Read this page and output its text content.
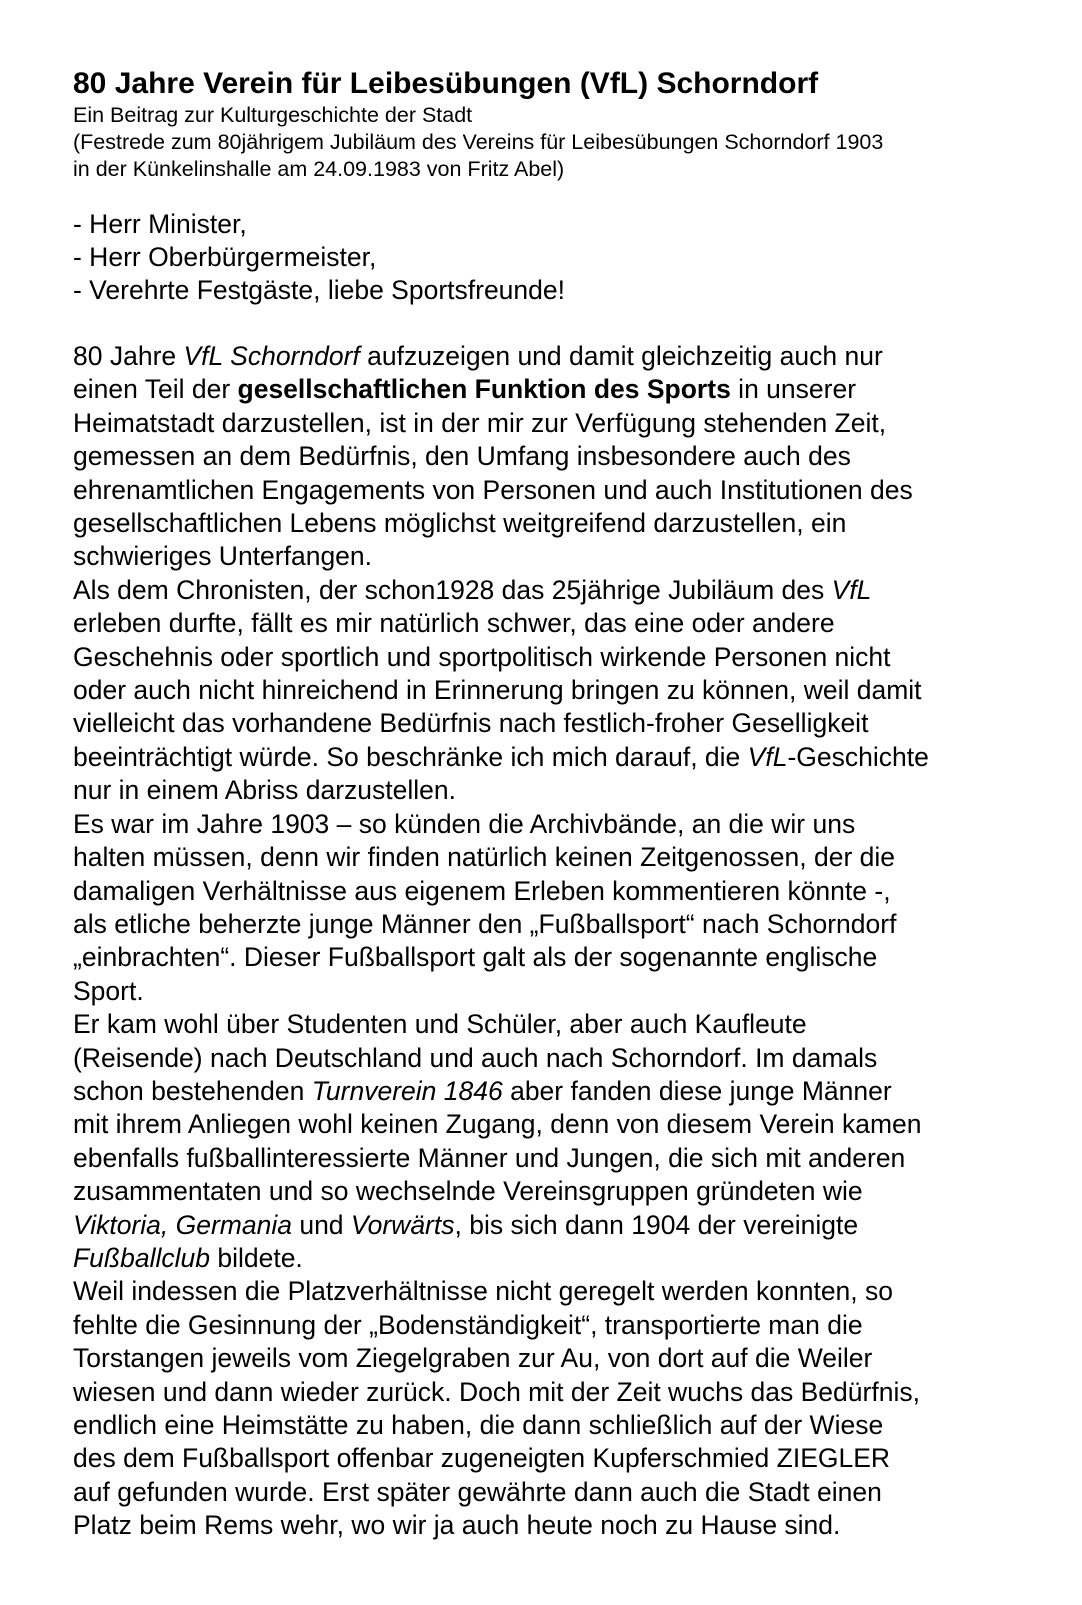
80 Jahre Verein für Leibesübungen (VfL) Schorndorf
Ein Beitrag zur Kulturgeschichte der Stadt
(Festrede zum 80jährigem Jubiläum des Vereins für Leibesübungen Schorndorf 1903
in der Künkelinshalle am 24.09.1983 von Fritz Abel)
- Herr Minister,
- Herr Oberbürgermeister,
- Verehrte Festgäste, liebe Sportsfreunde!
80 Jahre VfL Schorndorf aufzuzeigen und damit gleichzeitig auch nur
einen Teil der gesellschaftlichen Funktion des Sports in unserer
Heimatstadt darzustellen, ist in der mir zur Verfügung stehenden Zeit,
gemessen an dem Bedürfnis, den Umfang insbesondere auch des
ehrenamtlichen Engagements von Personen und auch Institutionen des
gesellschaftlichen Lebens möglichst weitgreifend darzustellen, ein
schwieriges Unterfangen.
Als dem Chronisten, der schon1928 das 25jährige Jubiläum des VfL
erleben durfte, fällt es mir natürlich schwer, das eine oder andere
Geschehnis oder sportlich und sportpolitisch wirkende Personen nicht
oder auch nicht hinreichend in Erinnerung bringen zu können, weil damit
vielleicht das vorhandene Bedürfnis nach festlich-froher Geselligkeit
beeinträchtigt würde. So beschränke ich mich darauf, die VfL-Geschichte
nur in einem Abriss darzustellen.
Es war im Jahre 1903 – so künden die Archivbände, an die wir uns
halten müssen, denn wir finden natürlich keinen Zeitgenossen, der die
damaligen Verhältnisse aus eigenem Erleben kommentieren könnte -,
als etliche beherzte junge Männer den „Fußballsport“ nach Schorndorf
„einbrachten“. Dieser Fußballsport galt als der sogenannte englische
Sport.
Er kam wohl über Studenten und Schüler, aber auch Kaufleute
(Reisende) nach Deutschland und auch nach Schorndorf. Im damals
schon bestehenden Turnverein 1846 aber fanden diese junge Männer
mit ihrem Anliegen wohl keinen Zugang, denn von diesem Verein kamen
ebenfalls fußballinteressierte Männer und Jungen, die sich mit anderen
zusammentaten und so wechselnde Vereinsgruppen gründeten wie
Viktoria, Germania und Vorwärts, bis sich dann 1904 der vereinigte
Fußballclub bildete.
Weil indessen die Platzverhältnisse nicht geregelt werden konnten, so
fehlte die Gesinnung der „Bodenständigkeit“, transportierte man die
Torstangen jeweils vom Ziegelgraben zur Au, von dort auf die Weiler
wiesen und dann wieder zurück. Doch mit der Zeit wuchs das Bedürfnis,
endlich eine Heimstätte zu haben, die dann schließlich auf der Wiese
des dem Fußballsport offenbar zugeneigten Kupferschmied ZIEGLER
auf gefunden wurde. Erst später gewährte dann auch die Stadt einen
Platz beim Rems wehr, wo wir ja auch heute noch zu Hause sind.
